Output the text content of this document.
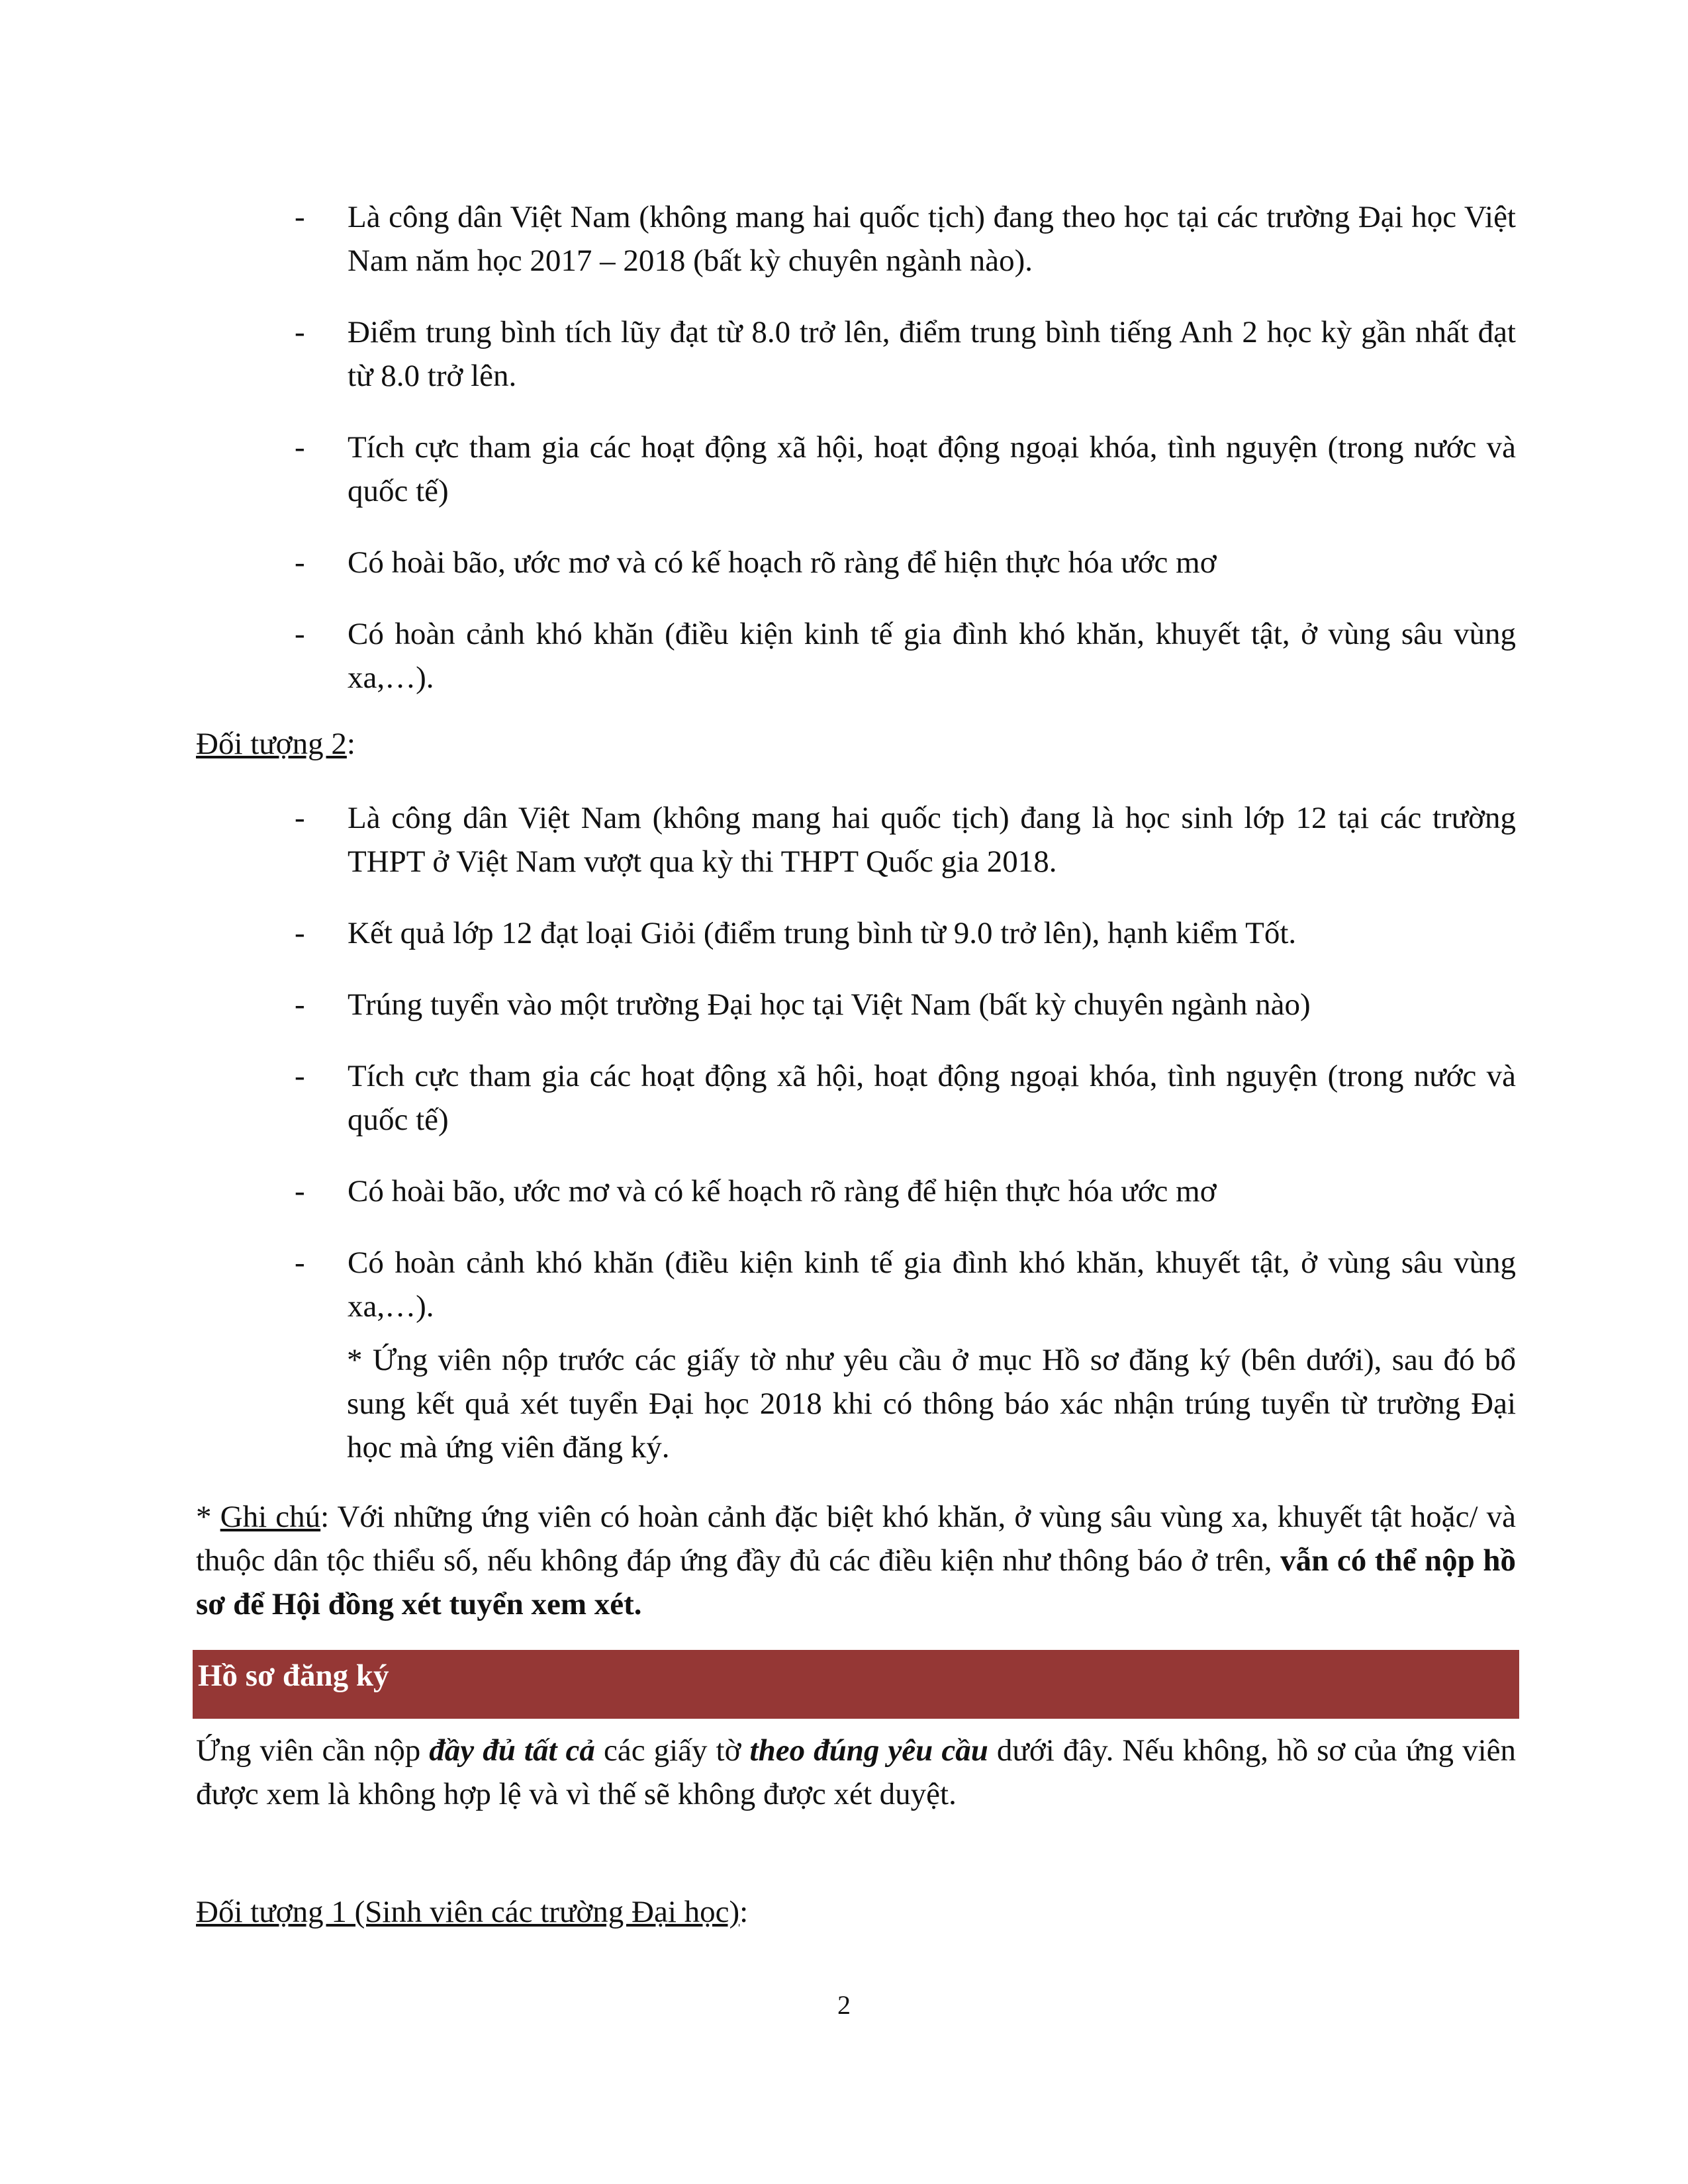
- Là công dân Việt Nam (không mang hai quốc tịch) đang theo học tại các trường Đại học Việt Nam năm học 2017 – 2018 (bất kỳ chuyên ngành nào).
- Điểm trung bình tích lũy đạt từ 8.0 trở lên, điểm trung bình tiếng Anh 2 học kỳ gần nhất đạt từ 8.0 trở lên.
- Tích cực tham gia các hoạt động xã hội, hoạt động ngoại khóa, tình nguyện (trong nước và quốc tế)
- Có hoài bão, ước mơ và có kế hoạch rõ ràng để hiện thực hóa ước mơ
- Có hoàn cảnh khó khăn (điều kiện kinh tế gia đình khó khăn, khuyết tật, ở vùng sâu vùng xa,…).
Đối tượng 2:
- Là công dân Việt Nam (không mang hai quốc tịch) đang là học sinh lớp 12 tại các trường THPT ở Việt Nam vượt qua kỳ thi THPT Quốc gia 2018.
- Kết quả lớp 12 đạt loại Giỏi (điểm trung bình từ 9.0 trở lên), hạnh kiểm Tốt.
- Trúng tuyển vào một trường Đại học tại Việt Nam (bất kỳ chuyên ngành nào)
- Tích cực tham gia các hoạt động xã hội, hoạt động ngoại khóa, tình nguyện (trong nước và quốc tế)
- Có hoài bão, ước mơ và có kế hoạch rõ ràng để hiện thực hóa ước mơ
- Có hoàn cảnh khó khăn (điều kiện kinh tế gia đình khó khăn, khuyết tật, ở vùng sâu vùng xa,…).

* Ứng viên nộp trước các giấy tờ như yêu cầu ở mục Hồ sơ đăng ký (bên dưới), sau đó bổ sung kết quả xét tuyển Đại học 2018 khi có thông báo xác nhận trúng tuyển từ trường Đại học mà ứng viên đăng ký.

* Ghi chú: Với những ứng viên có hoàn cảnh đặc biệt khó khăn, ở vùng sâu vùng xa, khuyết tật hoặc/ và thuộc dân tộc thiểu số, nếu không đáp ứng đầy đủ các điều kiện như thông báo ở trên, vẫn có thể nộp hồ sơ để Hội đồng xét tuyển xem xét.

Hồ sơ đăng ký

Ứng viên cần nộp đầy đủ tất cả các giấy tờ theo đúng yêu cầu dưới đây. Nếu không, hồ sơ của ứng viên được xem là không hợp lệ và vì thế sẽ không được xét duyệt.

Đối tượng 1 (Sinh viên các trường Đại học):
2
